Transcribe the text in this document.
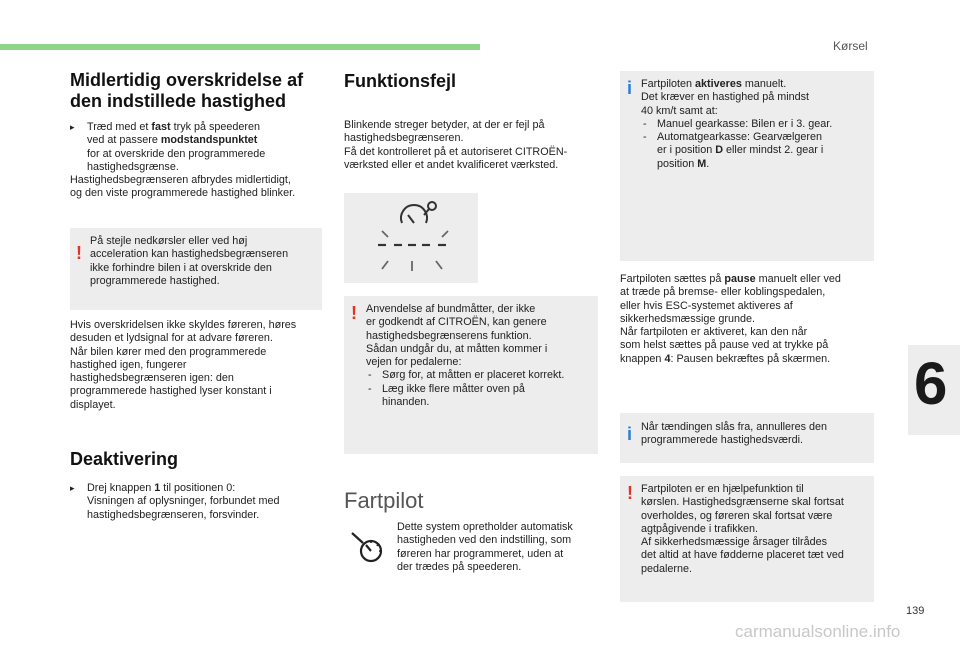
Kørsel
Midlertidig overskridelse af
den indstillede hastighed
▸ Træd med et fast tryk på speederen
ved at passere modstandspunktet
for at overskride den programmerede
hastighedsgrænse.
Hastighedsbegrænseren afbrydes midlertidigt,
og den viste programmerede hastighed blinker.
!
På stejle nedkørsler eller ved høj
acceleration kan hastighedsbegrænseren
ikke forhindre bilen i at overskride den
programmerede hastighed.
Hvis overskridelsen ikke skyldes føreren, høres
desuden et lydsignal for at advare føreren.
Når bilen kører med den programmerede
hastighed igen, fungerer
hastighedsbegrænseren igen: den
programmerede hastighed lyser konstant i
displayet.
Deaktivering
▸ Drej knappen 1 til positionen 0:
Visningen af oplysninger, forbundet med
hastighedsbegrænseren, forsvinder.
Funktionsfejl
Blinkende streger betyder, at der er fejl på
hastighedsbegrænseren.
Få det kontrolleret på et autoriseret CITROËN-
værksted eller et andet kvalificeret værksted.
! Anvendelse af bundmåtter, der ikke
er godkendt af CITROËN, kan genere
hastighedsbegrænserens funktion.
Sådan undgår du, at måtten kommer i
vejen for pedalerne:
- Sørg for, at måtten er placeret korrekt.
- Læg ikke flere måtter oven på
hinanden.
Fartpilot
Dette system opretholder automatisk
hastigheden ved den indstilling, som
føreren har programmeret, uden at
der trædes på speederen.
i Fartpiloten aktiveres manuelt.
Det kræver en hastighed på mindst
40 km/t samt at:
- Manuel gearkasse: Bilen er i 3. gear.
- Automatgearkasse: Gearvælgeren
er i position D eller mindst 2. gear i
position M.
Fartpiloten sættes på pause manuelt eller ved
at træde på bremse- eller koblingspedalen,
eller hvis ESC-systemet aktiveres af
sikkerhedsmæssige grunde.
Når fartpiloten er aktiveret, kan den når
som helst sættes på pause ved at trykke på
knappen 4: Pausen bekræftes på skærmen.
i Når tændingen slås fra, annulleres den
programmerede hastighedsværdi.
! Fartpiloten er en hjælpefunktion til
kørslen. Hastighedsgrænserne skal fortsat
overholdes, og føreren skal fortsat være
agtpågivende i trafikken.
Af sikkerhedsmæssige årsager tilrådes
det altid at have fødderne placeret tæt ved
pedalerne.
6
139
carmanualsonline.info
